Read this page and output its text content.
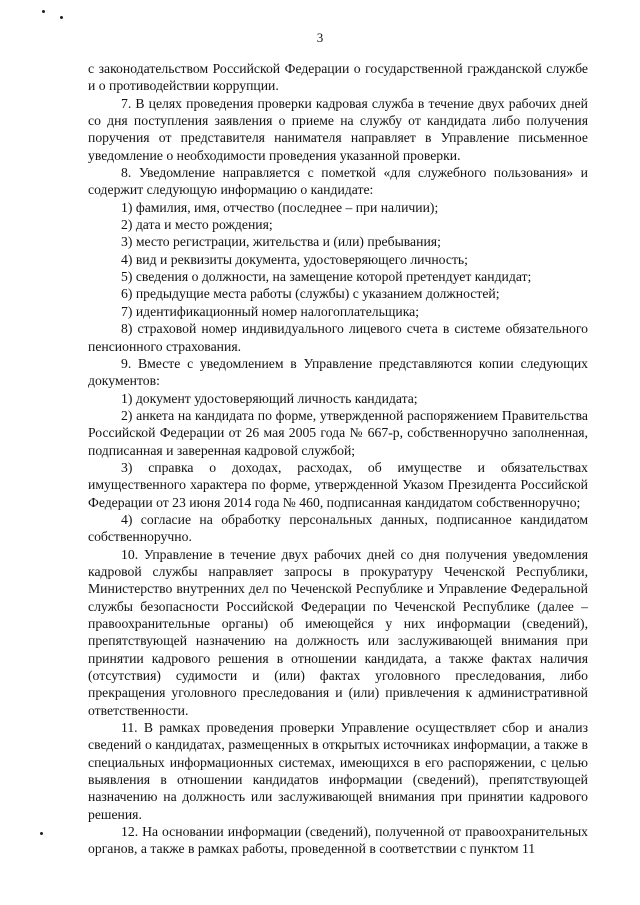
3

с законодательством Российской Федерации о государственной гражданской службе и о противодействии коррупции.

7. В целях проведения проверки кадровая служба в течение двух рабочих дней со дня поступления заявления о приеме на службу от кандидата либо получения поручения от представителя нанимателя направляет в Управление письменное уведомление о необходимости проведения указанной проверки.

8. Уведомление направляется с пометкой «для служебного пользования» и содержит следующую информацию о кандидате:

1) фамилия, имя, отчество (последнее – при наличии);

2) дата и место рождения;

3) место регистрации, жительства и (или) пребывания;

4) вид и реквизиты документа, удостоверяющего личность;

5) сведения о должности, на замещение которой претендует кандидат;

6) предыдущие места работы (службы) с указанием должностей;

7) идентификационный номер налогоплательщика;

8) страховой номер индивидуального лицевого счета в системе обязательного пенсионного страхования.

9. Вместе с уведомлением в Управление представляются копии следующих документов:

1) документ удостоверяющий личность кандидата;

2) анкета на кандидата по форме, утвержденной распоряжением Правительства Российской Федерации от 26 мая 2005 года № 667-р, собственноручно заполненная, подписанная и заверенная кадровой службой;

3) справка о доходах, расходах, об имуществе и обязательствах имущественного характера по форме, утвержденной Указом Президента Российской Федерации от 23 июня 2014 года № 460, подписанная кандидатом собственноручно;

4) согласие на обработку персональных данных, подписанное кандидатом собственноручно.

10. Управление в течение двух рабочих дней со дня получения уведомления кадровой службы направляет запросы в прокуратуру Чеченской Республики, Министерство внутренних дел по Чеченской Республике и Управление Федеральной службы безопасности Российской Федерации по Чеченской Республике (далее – правоохранительные органы) об имеющейся у них информации (сведений), препятствующей назначению на должность или заслуживающей внимания при принятии кадрового решения в отношении кандидата, а также фактах наличия (отсутствия) судимости и (или) фактах уголовного преследования, либо прекращения уголовного преследования и (или) привлечения к административной ответственности.

11. В рамках проведения проверки Управление осуществляет сбор и анализ сведений о кандидатах, размещенных в открытых источниках информации, а также в специальных информационных системах, имеющихся в его распоряжении, с целью выявления в отношении кандидатов информации (сведений), препятствующей назначению на должность или заслуживающей внимания при принятии кадрового решения.

12. На основании информации (сведений), полученной от правоохранительных органов, а также в рамках работы, проведенной в соответствии с пунктом 11
